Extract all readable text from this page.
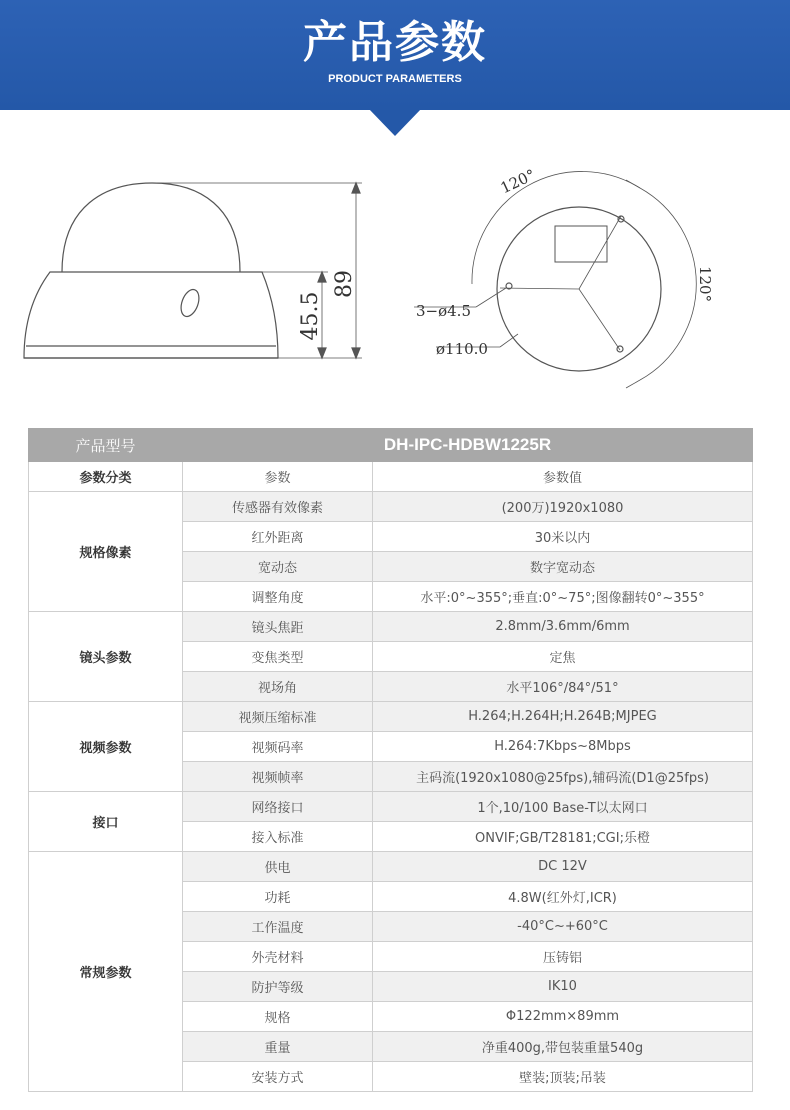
产品参数
PRODUCT PARAMETERS
89
45.5
120°
120°
3−ø4.5
ø110.0
产品型号	DH-IPC-HDBW1225R	
参数分类	参数	参数值
规格像素	传感器有效像素	(200万)1920x1080
	红外距离	30米以内
	宽动态	数字宽动态
	调整角度	水平:0°~355°;垂直:0°~75°;图像翻转0°~355°
镜头参数	镜头焦距	2.8mm/3.6mm/6mm
	变焦类型	定焦
	视场角	水平106°/84°/51°
视频参数	视频压缩标准	H.264;H.264H;H.264B;MJPEG
	视频码率	H.264:7Kbps~8Mbps
	视频帧率	主码流(1920x1080@25fps),辅码流(D1@25fps)
接口	网络接口	1个,10/100 Base-T以太网口
	接入标准	ONVIF;GB/T28181;CGI;乐橙
常规参数	供电	DC 12V
	功耗	4.8W(红外灯,ICR)
	工作温度	-40°C~+60°C
	外壳材料	压铸铝
	防护等级	IK10
	规格	Φ122mm×89mm
	重量	净重400g,带包装重量540g
	安装方式	壁装;顶装;吊装
